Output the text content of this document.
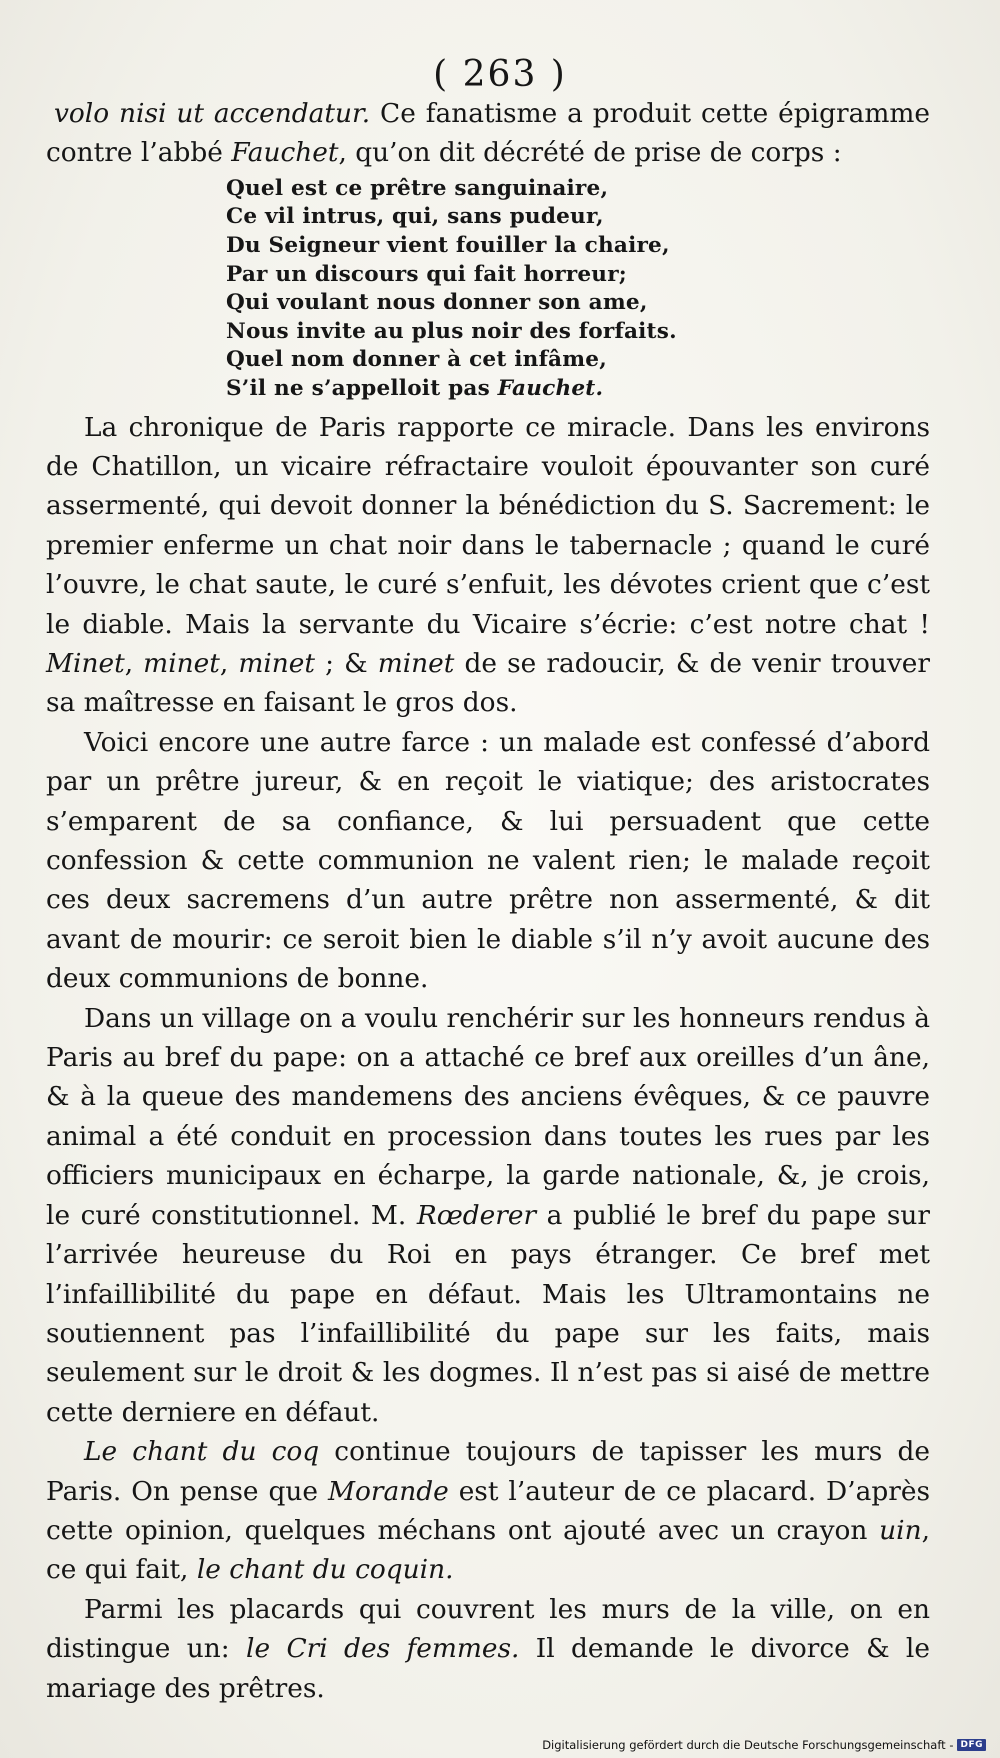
( 263 )

volo nisi ut accendatur. Ce fanatisme a produit cette épigramme contre l’abbé Fauchet, qu’on dit décrété de prise de corps :

Quel est ce prêtre sanguinaire,
Ce vil intrus, qui, sans pudeur,
Du Seigneur vient fouiller la chaire,
Par un discours qui fait horreur;
Qui voulant nous donner son ame,
Nous invite au plus noir des forfaits.
Quel nom donner à cet infâme,
S’il ne s’appelloit pas Fauchet.

La chronique de Paris rapporte ce miracle. Dans les environs de Chatillon, un vicaire réfractaire vouloit épouvanter son curé assermenté, qui devoit donner la bénédiction du S. Sacrement: le premier enferme un chat noir dans le tabernacle ; quand le curé l’ouvre, le chat saute, le curé s’enfuit, les dévotes crient que c’est le diable. Mais la servante du Vicaire s’écrie: c’est notre chat ! Minet, minet, minet ; & minet de se radoucir, & de venir trouver sa maîtresse en faisant le gros dos.

Voici encore une autre farce : un malade est confessé d’abord par un prêtre jureur, & en reçoit le viatique; des aristocrates s’emparent de sa confiance, & lui persuadent que cette confession & cette communion ne valent rien; le malade reçoit ces deux sacremens d’un autre prêtre non assermenté, & dit avant de mourir: ce seroit bien le diable s’il n’y avoit aucune des deux communions de bonne.

Dans un village on a voulu renchérir sur les honneurs rendus à Paris au bref du pape: on a attaché ce bref aux oreilles d’un âne, & à la queue des mandemens des anciens évêques, & ce pauvre animal a été conduit en procession dans toutes les rues par les officiers municipaux en écharpe, la garde nationale, &, je crois, le curé constitutionnel. M. Rœderer a publié le bref du pape sur l’arrivée heureuse du Roi en pays étranger. Ce bref met l’infaillibilité du pape en défaut. Mais les Ultramontains ne soutiennent pas l’infaillibilité du pape sur les faits, mais seulement sur le droit & les dogmes. Il n’est pas si aisé de mettre cette derniere en défaut.

Le chant du coq continue toujours de tapisser les murs de Paris. On pense que Morande est l’auteur de ce placard. D’après cette opinion, quelques méchans ont ajouté avec un crayon uin, ce qui fait, le chant du coquin.

Parmi les placards qui couvrent les murs de la ville, on en distingue un: le Cri des femmes. Il demande le divorce & le mariage des prêtres.

Digitalisierung gefördert durch die Deutsche Forschungsgemeinschaft - DFG
